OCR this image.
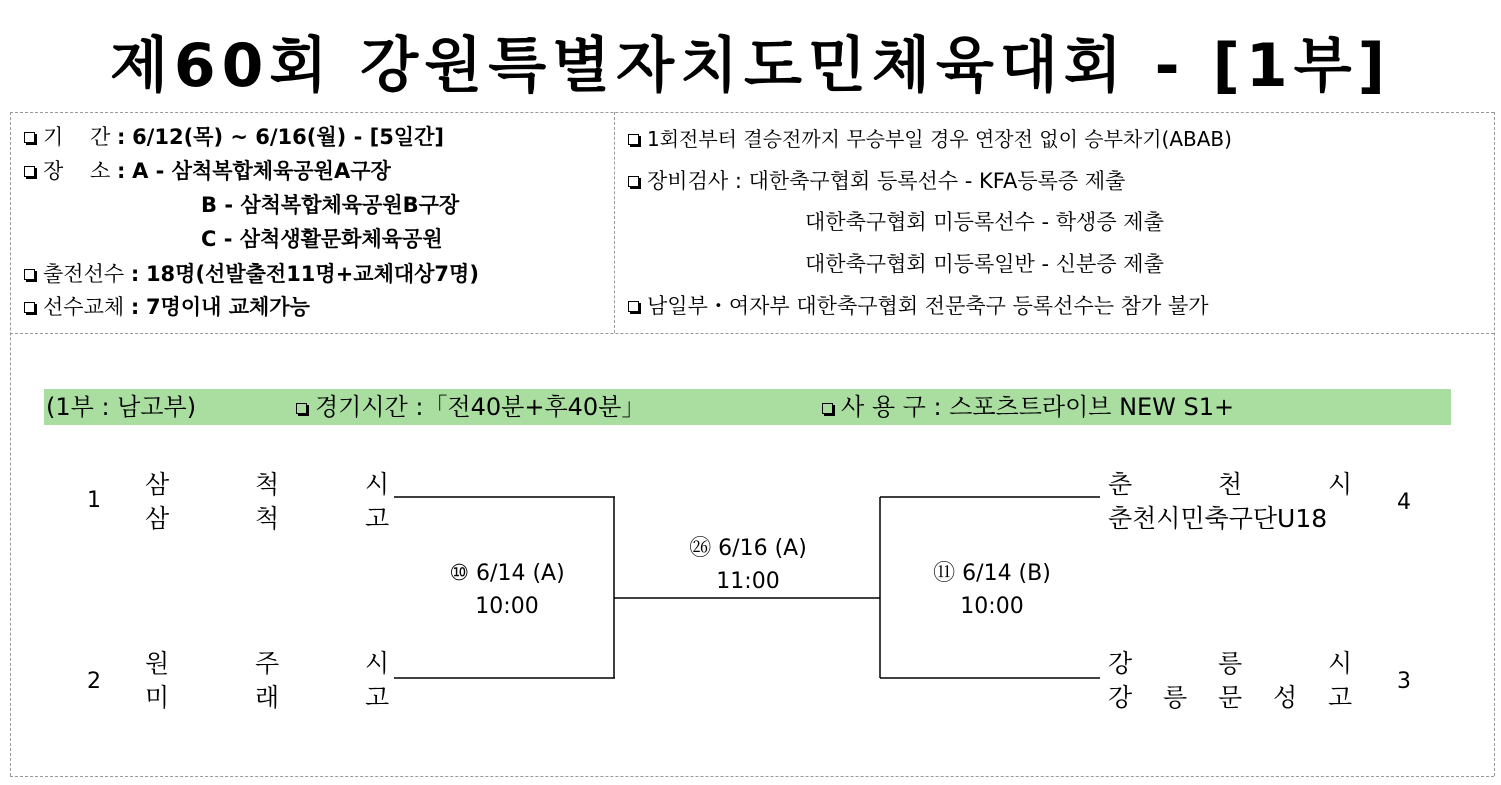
제60회 강원특별자치도민체육대회 - [1부]
기    간 : 6/12(목) ~ 6/16(월) - [5일간]
장    소 : A - 삼척복합체육공원A구장
B - 삼척복합체육공원B구장
C - 삼척생활문화체육공원
출전선수 : 18명(선발출전11명+교체대상7명)
선수교체 : 7명이내 교체가능
1회전부터 결승전까지 무승부일 경우 연장전 없이 승부차기(ABAB)
장비검사 : 대한축구협회 등록선수 - KFA등록증 제출
대한축구협회 미등록선수 - 학생증 제출
대한축구협회 미등록일반 - 신분증 제출
남일부・여자부 대한축구협회 전문축구 등록선수는 참가 불가

(1부 : 남고부)

	경기시간 :「전40분+후40분」

	사 용 구 : 스포츠트라이브 NEW S1+

1
2
4
3
삼	척	시
삼	척	고
원	주	시
미	래	고
춘	천	시
춘천시민축구단U18
강	릉	시
강 릉 문 성 고
⑩ 6/14 (A)
10:00
㉖ 6/16 (A)
11:00	⑪ 6/14 (B)
10:00
